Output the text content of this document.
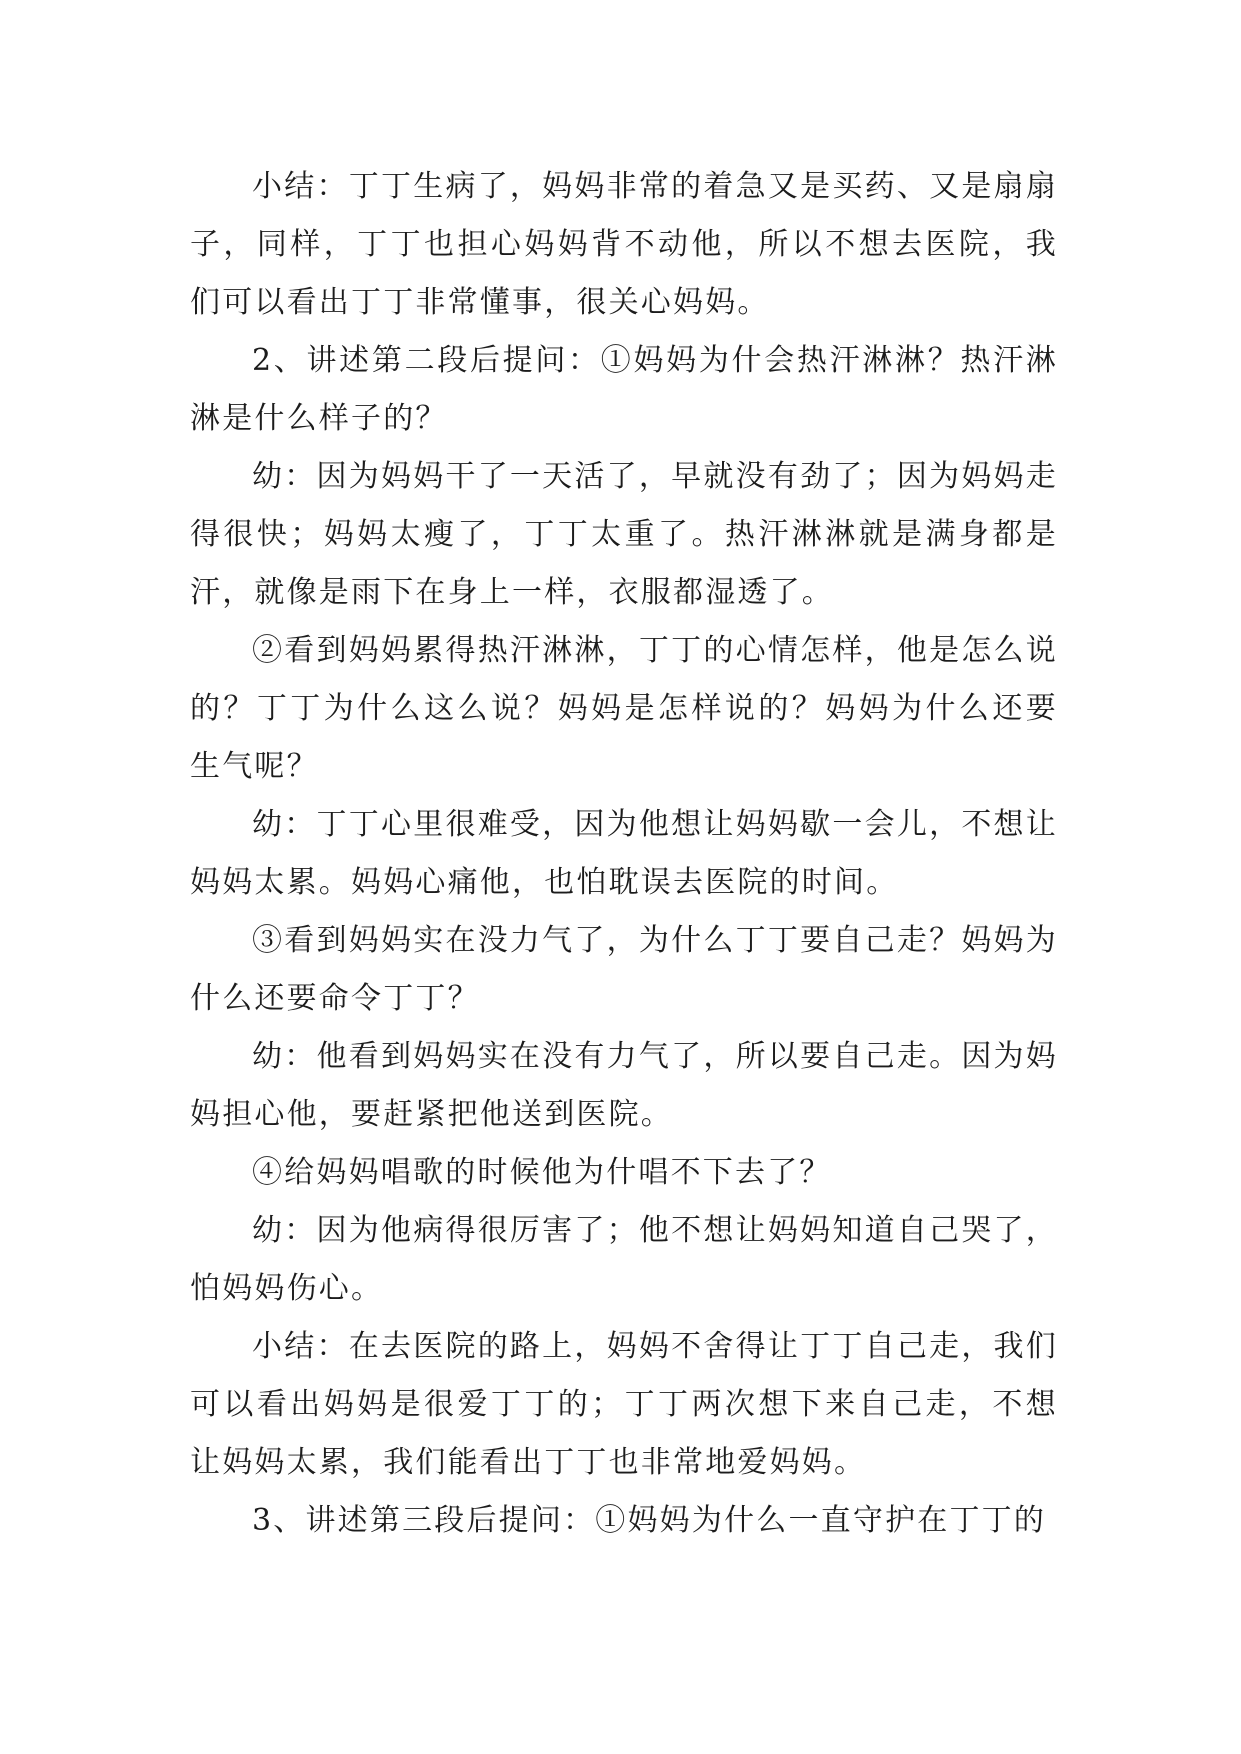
小结：丁丁生病了，妈妈非常的着急又是买药、又是扇扇子，同样，丁丁也担心妈妈背不动他，所以不想去医院，我们可以看出丁丁非常懂事，很关心妈妈。

2、讲述第二段后提问：①妈妈为什会热汗淋淋？热汗淋淋是什么样子的？

幼：因为妈妈干了一天活了，早就没有劲了；因为妈妈走得很快；妈妈太瘦了，丁丁太重了。热汗淋淋就是满身都是汗，就像是雨下在身上一样，衣服都湿透了。

②看到妈妈累得热汗淋淋，丁丁的心情怎样，他是怎么说的？丁丁为什么这么说？妈妈是怎样说的？妈妈为什么还要生气呢？

幼：丁丁心里很难受，因为他想让妈妈歇一会儿，不想让妈妈太累。妈妈心痛他，也怕耽误去医院的时间。

③看到妈妈实在没力气了，为什么丁丁要自己走？妈妈为什么还要命令丁丁？

幼：他看到妈妈实在没有力气了，所以要自己走。因为妈妈担心他，要赶紧把他送到医院。

④给妈妈唱歌的时候他为什唱不下去了？

幼：因为他病得很厉害了；他不想让妈妈知道自己哭了，怕妈妈伤心。

小结：在去医院的路上，妈妈不舍得让丁丁自己走，我们可以看出妈妈是很爱丁丁的；丁丁两次想下来自己走，不想让妈妈太累，我们能看出丁丁也非常地爱妈妈。

3、讲述第三段后提问：①妈妈为什么一直守护在丁丁的
